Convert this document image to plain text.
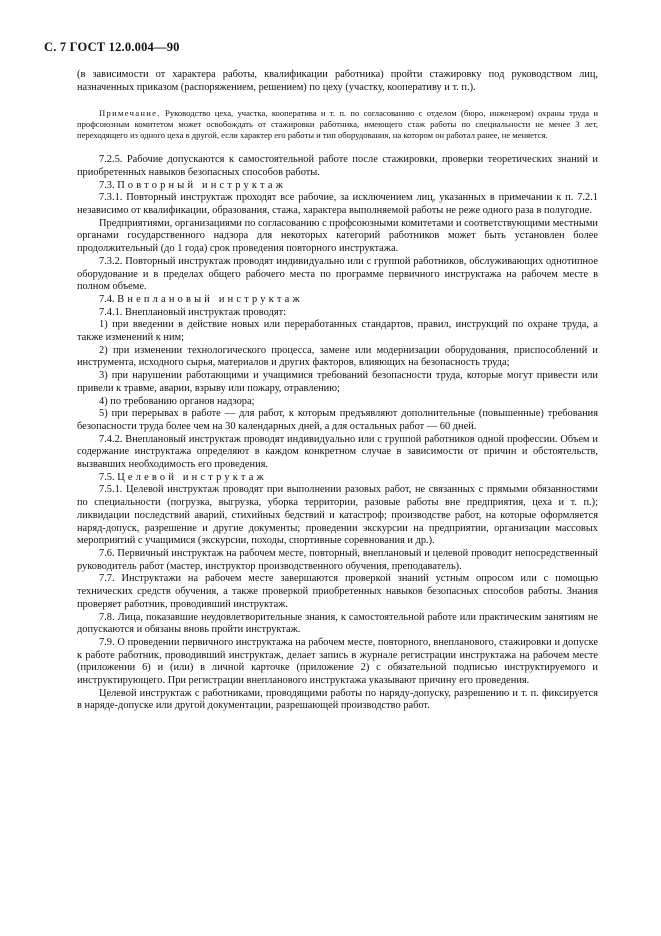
С. 7 ГОСТ 12.0.004—90

(в зависимости от характера работы, квалификации работника) пройти стажировку под руководством лиц, назначенных приказом (распоряжением, решением) по цеху (участку, кооперативу и т. п.).

Примечание. Руководство цеха, участка, кооператива и т. п. по согласованию с отделом (бюро, инженером) охраны труда и профсоюзным комитетом может освобождать от стажировки работника, имеющего стаж работы по специальности не менее 3 лет, переходящего из одного цеха в другой, если характер его работы и тип оборудования, на котором он работал ранее, не меняется.

7.2.5. Рабочие допускаются к самостоятельной работе после стажировки, проверки теоретических знаний и приобретенных навыков безопасных способов работы.

7.3. Повторный инструктаж

7.3.1. Повторный инструктаж проходят все рабочие, за исключением лиц, указанных в примечании к п. 7.2.1 независимо от квалификации, образования, стажа, характера выполняемой работы не реже одного раза в полугодие.

Предприятиями, организациями по согласованию с профсоюзными комитетами и соответствующими местными органами государственного надзора для некоторых категорий работников может быть установлен более продолжительный (до 1 года) срок проведения повторного инструктажа.

7.3.2. Повторный инструктаж проводят индивидуально или с группой работников, обслуживающих однотипное оборудование и в пределах общего рабочего места по программе первичного инструктажа на рабочем месте в полном объеме.

7.4. Внеплановый инструктаж

7.4.1. Внеплановый инструктаж проводят:

1) при введении в действие новых или переработанных стандартов, правил, инструкций по охране труда, а также изменений к ним;

2) при изменении технологического процесса, замене или модернизации оборудования, приспособлений и инструмента, исходного сырья, материалов и других факторов, влияющих на безопасность труда;

3) при нарушении работающими и учащимися требований безопасности труда, которые могут привести или привели к травме, аварии, взрыву или пожару, отравлению;

4) по требованию органов надзора;

5) при перерывах в работе — для работ, к которым предъявляют дополнительные (повышенные) требования безопасности труда более чем на 30 календарных дней, а для остальных работ — 60 дней.

7.4.2. Внеплановый инструктаж проводят индивидуально или с группой работников одной профессии. Объем и содержание инструктажа определяют в каждом конкретном случае в зависимости от причин и обстоятельств, вызвавших необходимость его проведения.

7.5. Целевой инструктаж

7.5.1. Целевой инструктаж проводят при выполнении разовых работ, не связанных с прямыми обязанностями по специальности (погрузка, выгрузка, уборка территории, разовые работы вне предприятия, цеха и т. п.); ликвидации последствий аварий, стихийных бедствий и катастроф; производстве работ, на которые оформляется наряд-допуск, разрешение и другие документы; проведении экскурсии на предприятии, организации массовых мероприятий с учащимися (экскурсии, походы, спортивные соревнования и др.).

7.6. Первичный инструктаж на рабочем месте, повторный, внеплановый и целевой проводит непосредственный руководитель работ (мастер, инструктор производственного обучения, преподаватель).

7.7. Инструктажи на рабочем месте завершаются проверкой знаний устным опросом или с помощью технических средств обучения, а также проверкой приобретенных навыков безопасных способов работы. Знания проверяет работник, проводивший инструктаж.

7.8. Лица, показавшие неудовлетворительные знания, к самостоятельной работе или практическим занятиям не допускаются и обязаны вновь пройти инструктаж.

7.9. О проведении первичного инструктажа на рабочем месте, повторного, внепланового, стажировки и допуске к работе работник, проводивший инструктаж, делает запись в журнале регистрации инструктажа на рабочем месте (приложении 6) и (или) в личной карточке (приложение 2) с обязательной подписью инструктируемого и инструктирующего. При регистрации внепланового инструктажа указывают причину его проведения.

Целевой инструктаж с работниками, проводящими работы по наряду-допуску, разрешению и т. п. фиксируется в наряде-допуске или другой документации, разрешающей производство работ.
